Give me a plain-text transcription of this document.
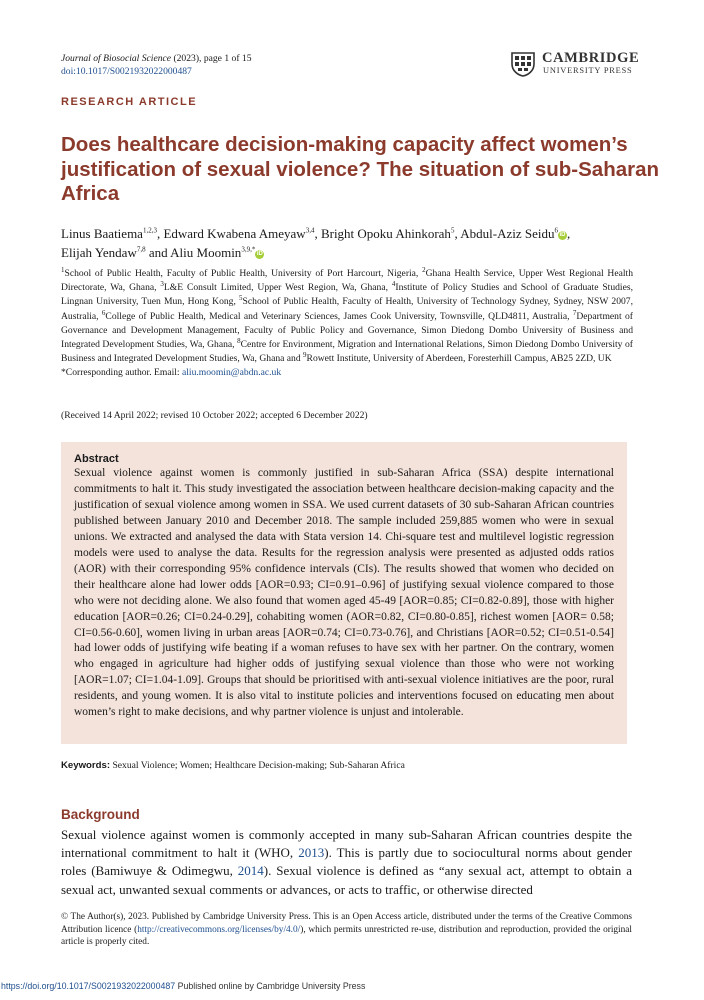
Journal of Biosocial Science (2023), page 1 of 15
doi:10.1017/S0021932022000487
CAMBRIDGE
UNIVERSITY PRESS
RESEARCH ARTICLE
Does healthcare decision-making capacity affect women’s justification of sexual violence? The situation of sub-Saharan Africa
Linus Baatiema$^{1,2,3}$, Edward Kwabena Ameyaw$^{3,4}$, Bright Opoku Ahinkorah$^5$, Abdul-Aziz Seidu$^6$ iD ,
Elijah Yendaw$^{7,8}$ and Aliu Moomin$^{3,9,*}$ iD
$^1$School of Public Health, Faculty of Public Health, University of Port Harcourt, Nigeria, $^2$Ghana Health Service, Upper West Regional Health Directorate, Wa, Ghana, $^3$L&E Consult Limited, Upper West Region, Wa, Ghana, $^4$Institute of Policy Studies and School of Graduate Studies, Lingnan University, Tuen Mun, Hong Kong, $^5$School of Public Health, Faculty of Health, University of Technology Sydney, Sydney, NSW 2007, Australia, $^6$College of Public Health, Medical and Veterinary Sciences, James Cook University, Townsville, QLD4811, Australia, $^7$Department of Governance and Development Management, Faculty of Public Policy and Governance, Simon Diedong Dombo University of Business and Integrated Development Studies, Wa, Ghana, $^8$Centre for Environment, Migration and International Relations, Simon Diedong Dombo University of Business and Integrated Development Studies, Wa, Ghana and $^9$Rowett Institute, University of Aberdeen, Foresterhill Campus, AB25 2ZD, UK
*Corresponding author. Email: aliu.moomin@abdn.ac.uk
(Received 14 April 2022; revised 10 October 2022; accepted 6 December 2022)
Abstract
Sexual violence against women is commonly justified in sub-Saharan Africa (SSA) despite international commitments to halt it. This study investigated the association between healthcare decision-making capacity and the justification of sexual violence among women in SSA. We used current datasets of 30 sub-Saharan African countries published between January 2010 and December 2018. The sample included 259,885 women who were in sexual unions. We extracted and analysed the data with Stata version 14. Chi-square test and multilevel logistic regression models were used to analyse the data. Results for the regression analysis were presented as adjusted odds ratios (AOR) with their corresponding 95% confidence intervals (CIs). The results showed that women who decided on their healthcare alone had lower odds [AOR=0.93; CI=0.91–0.96] of justifying sexual violence compared to those who were not deciding alone. We also found that women aged 45-49 [AOR=0.85; CI=0.82-0.89], those with higher education [AOR=0.26; CI=0.24-0.29], cohabiting women (AOR=0.82, CI=0.80-0.85], richest women [AOR= 0.58; CI=0.56-0.60], women living in urban areas [AOR=0.74; CI=0.73-0.76], and Christians [AOR=0.52; CI=0.51-0.54] had lower odds of justifying wife beating if a woman refuses to have sex with her partner. On the contrary, women who engaged in agriculture had higher odds of justifying sexual violence than those who were not working [AOR=1.07; CI=1.04-1.09]. Groups that should be prioritised with anti-sexual violence initiatives are the poor, rural residents, and young women. It is also vital to institute policies and interventions focused on educating men about women’s right to make decisions, and why partner violence is unjust and intolerable.
Keywords: Sexual Violence; Women; Healthcare Decision-making; Sub-Saharan Africa
Background
Sexual violence against women is commonly accepted in many sub-Saharan African countries despite the international commitment to halt it (WHO, 2013). This is partly due to sociocultural norms about gender roles (Bamiwuye & Odimegwu, 2014). Sexual violence is defined as “any sexual act, attempt to obtain a sexual act, unwanted sexual comments or advances, or acts to traffic, or otherwise directed
© The Author(s), 2023. Published by Cambridge University Press. This is an Open Access article, distributed under the terms of the Creative Commons Attribution licence (http://creativecommons.org/licenses/by/4.0/), which permits unrestricted re-use, distribution and reproduction, provided the original article is properly cited.
https://doi.org/10.1017/S0021932022000487 Published online by Cambridge University Press
